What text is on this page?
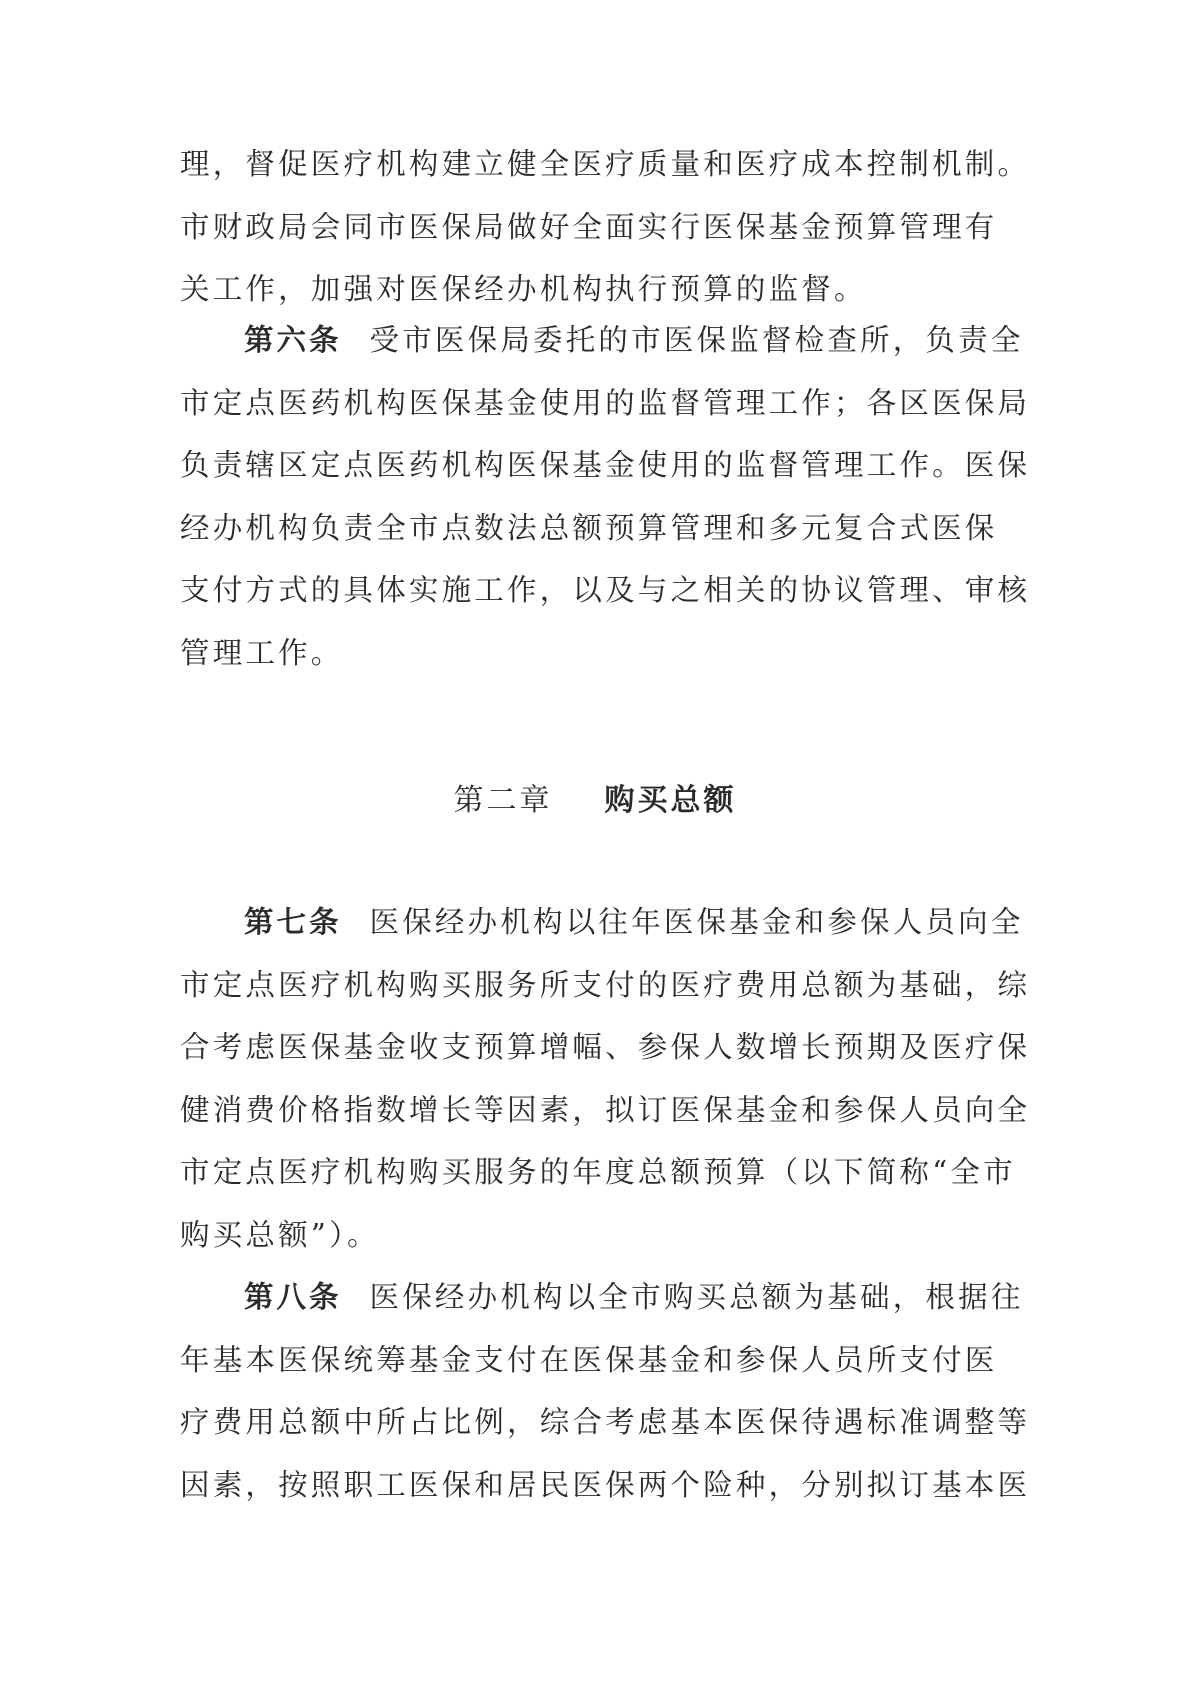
理，督促医疗机构建立健全医疗质量和医疗成本控制机制。
市财政局会同市医保局做好全面实行医保基金预算管理有
关工作，加强对医保经办机构执行预算的监督。
第六条 受市医保局委托的市医保监督检查所，负责全
市定点医药机构医保基金使用的监督管理工作；各区医保局
负责辖区定点医药机构医保基金使用的监督管理工作。医保
经办机构负责全市点数法总额预算管理和多元复合式医保
支付方式的具体实施工作，以及与之相关的协议管理、审核
管理工作。
第二章 购买总额
第七条 医保经办机构以往年医保基金和参保人员向全
市定点医疗机构购买服务所支付的医疗费用总额为基础，综
合考虑医保基金收支预算增幅、参保人数增长预期及医疗保
健消费价格指数增长等因素，拟订医保基金和参保人员向全
市定点医疗机构购买服务的年度总额预算（以下简称“全市
购买总额”）。
第八条 医保经办机构以全市购买总额为基础，根据往
年基本医保统筹基金支付在医保基金和参保人员所支付医
疗费用总额中所占比例，综合考虑基本医保待遇标准调整等
因素，按照职工医保和居民医保两个险种，分别拟订基本医
